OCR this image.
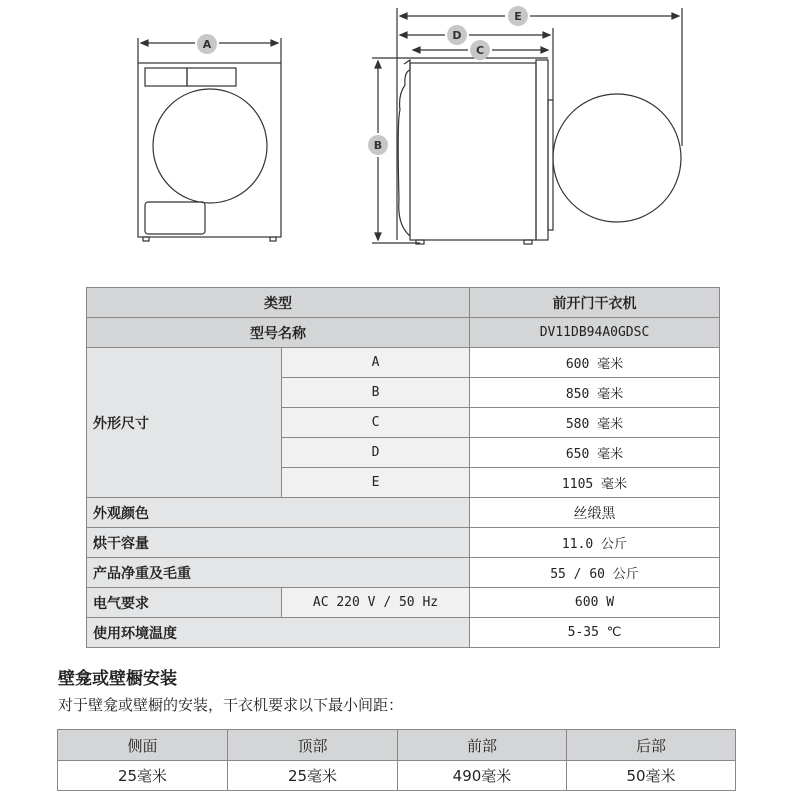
A
E
D
C
B
类型	前开门干衣机
型号名称	DV11DB94A0GDSC
外形尺寸
A	600 毫米
B	850 毫米
C	580 毫米
D	650 毫米
E	1105 毫米
外观颜色	丝缎黑
烘干容量	11.0 公斤
产品净重及毛重	55 / 60 公斤
电气要求	AC 220 V / 50 Hz	600 W
使用环境温度	5-35 ℃
壁龛或壁橱安装
对于壁龛或壁橱的安装，干衣机要求以下最小间距：
侧面	顶部	前部	后部
25毫米	25毫米	490毫米	50毫米
